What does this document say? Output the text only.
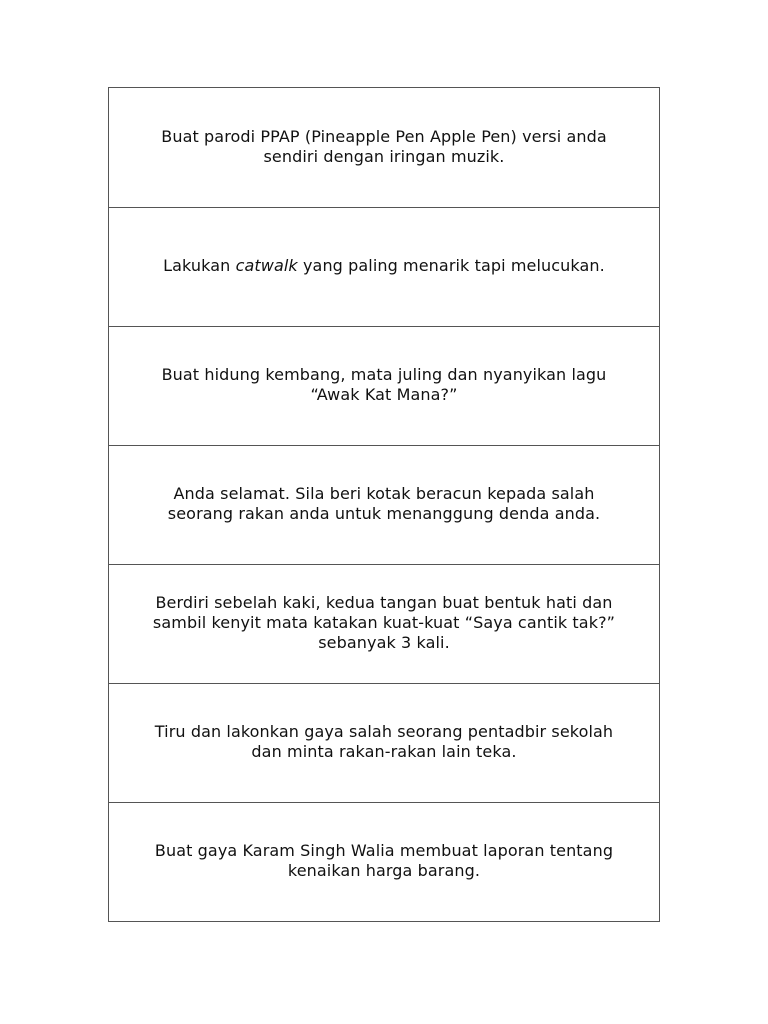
Buat parodi PPAP (Pineapple Pen Apple Pen) versi anda
sendiri dengan iringan muzik.
Lakukan catwalk yang paling menarik tapi melucukan.
Buat hidung kembang, mata juling dan nyanyikan lagu
“Awak Kat Mana?”
Anda selamat. Sila beri kotak beracun kepada salah
seorang rakan anda untuk menanggung denda anda.
Berdiri sebelah kaki, kedua tangan buat bentuk hati dan
sambil kenyit mata katakan kuat-kuat “Saya cantik tak?”
sebanyak 3 kali.
Tiru dan lakonkan gaya salah seorang pentadbir sekolah
dan minta rakan-rakan lain teka.
Buat gaya Karam Singh Walia membuat laporan tentang
kenaikan harga barang.
